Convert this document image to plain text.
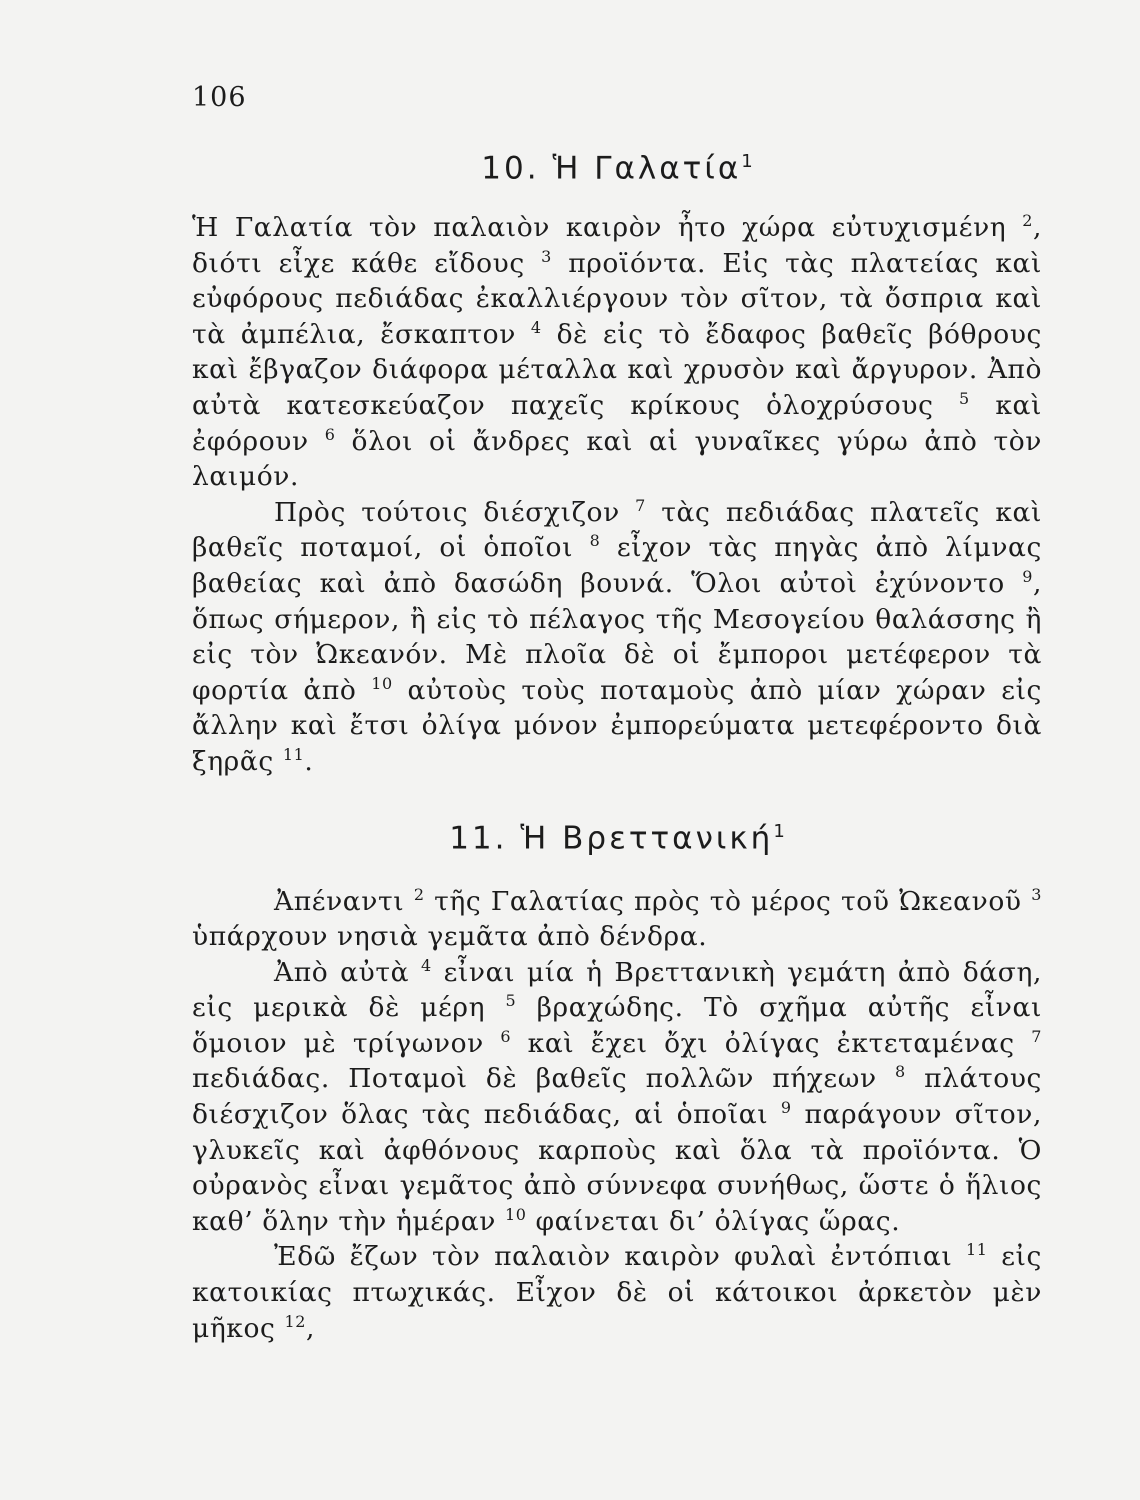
106
10. Ἡ Γαλατία$^1$

Ἡ Γαλατία τὸν παλαιὸν καιρὸν ἦτο χώρα εὐτυχισμένη $^2$, διότι εἶχε κάθε εἴδους $^3$ προϊόντα. Εἰς τὰς πλατείας καὶ εὐφόρους πεδιάδας ἐκαλλιέργουν τὸν σῖτον, τὰ ὄσπρια καὶ τὰ ἀμπέλια, ἔσκαπτον $^4$ δὲ εἰς τὸ ἔδαφος βαθεῖς βόθρους καὶ ἔβγαζον διάφορα μέταλλα καὶ χρυσὸν καὶ ἄργυρον. Ἀπὸ αὐτὰ κατεσκεύαζον παχεῖς κρίκους ὁλοχρύσους $^5$ καὶ ἐφόρουν $^6$ ὅλοι οἱ ἄνδρες καὶ αἱ γυναῖκες γύρω ἀπὸ τὸν λαιμόν.

Πρὸς τούτοις διέσχιζον $^7$ τὰς πεδιάδας πλατεῖς καὶ βαθεῖς ποταμοί, οἱ ὁποῖοι $^8$ εἶχον τὰς πηγὰς ἀπὸ λίμνας βαθείας καὶ ἀπὸ δασώδη βουνά. Ὅλοι αὐτοὶ ἐχύνοντο $^9$, ὅπως σήμερον, ἢ εἰς τὸ πέλαγος τῆς Μεσογείου θαλάσσης ἢ εἰς τὸν Ὠκεανόν. Μὲ πλοῖα δὲ οἱ ἔμποροι μετέφερον τὰ φορτία ἀπὸ $^{10}$ αὐτοὺς τοὺς ποταμοὺς ἀπὸ μίαν χώραν εἰς ἄλλην καὶ ἔτσι ὀλίγα μόνον ἐμπορεύματα μετεφέροντο διὰ ξηρᾶς $^{11}$.

11. Ἡ Βρεττανική$^1$

Ἀπέναντι $^2$ τῆς Γαλατίας πρὸς τὸ μέρος τοῦ Ὠκεανοῦ $^3$ ὑπάρχουν νησιὰ γεμᾶτα ἀπὸ δένδρα.

Ἀπὸ αὐτὰ $^4$ εἶναι μία ἡ Βρεττανικὴ γεμάτη ἀπὸ δάση, εἰς μερικὰ δὲ μέρη $^5$ βραχώδης. Τὸ σχῆμα αὐτῆς εἶναι ὅμοιον μὲ τρίγωνον $^6$ καὶ ἔχει ὄχι ὀλίγας ἐκτεταμένας $^7$ πεδιάδας. Ποταμοὶ δὲ βαθεῖς πολλῶν πήχεων $^8$ πλάτους διέσχιζον ὅλας τὰς πεδιάδας, αἱ ὁποῖαι $^9$ παράγουν σῖτον, γλυκεῖς καὶ ἀφθόνους καρποὺς καὶ ὅλα τὰ προϊόντα. Ὁ οὐρανὸς εἶναι γεμᾶτος ἀπὸ σύννεφα συνήθως, ὥστε ὁ ἥλιος καθ’ ὅλην τὴν ἡμέραν $^{10}$ φαίνεται δι’ ὀλίγας ὥρας.

Ἐδῶ ἔζων τὸν παλαιὸν καιρὸν φυλαὶ ἐντόπιαι $^{11}$ εἰς κατοικίας πτωχικάς. Εἶχον δὲ οἱ κάτοικοι ἀρκετὸν μὲν μῆκος $^{12}$,
